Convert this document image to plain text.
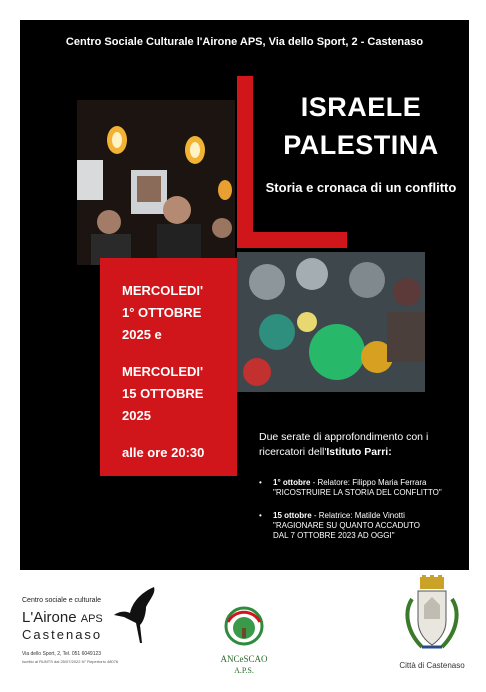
Centro Sociale Culturale l'Airone APS, Via dello Sport, 2 - Castenaso
ISRAELE
PALESTINA
Storia e cronaca di un conflitto
MERCOLEDI'
1° OTTOBRE
2025 e
MERCOLEDI'
15 OTTOBRE
2025
alle ore 20:30
Due serate di approfondimento con i
ricercatori dell'Istituto Parri:
• 1° ottobre - Relatore: Filippo Maria Ferrara
"RICOSTRUIRE LA STORIA DEL CONFLITTO"
• 15 ottobre - Relatrice: Matilde Vinotti
"RAGIONARE SU QUANTO ACCADUTO
DAL 7 OTTOBRE 2023 AD OGGI"
Centro sociale e culturale
L'Airone APS
Castenaso
Via dello Sport, 2, Tel. 051 6049123
Iscritto al RUNTS dal 25/07/2022 N° Repertorio 48076	ANCeSCAO
A.P.S.
Città di Castenaso
